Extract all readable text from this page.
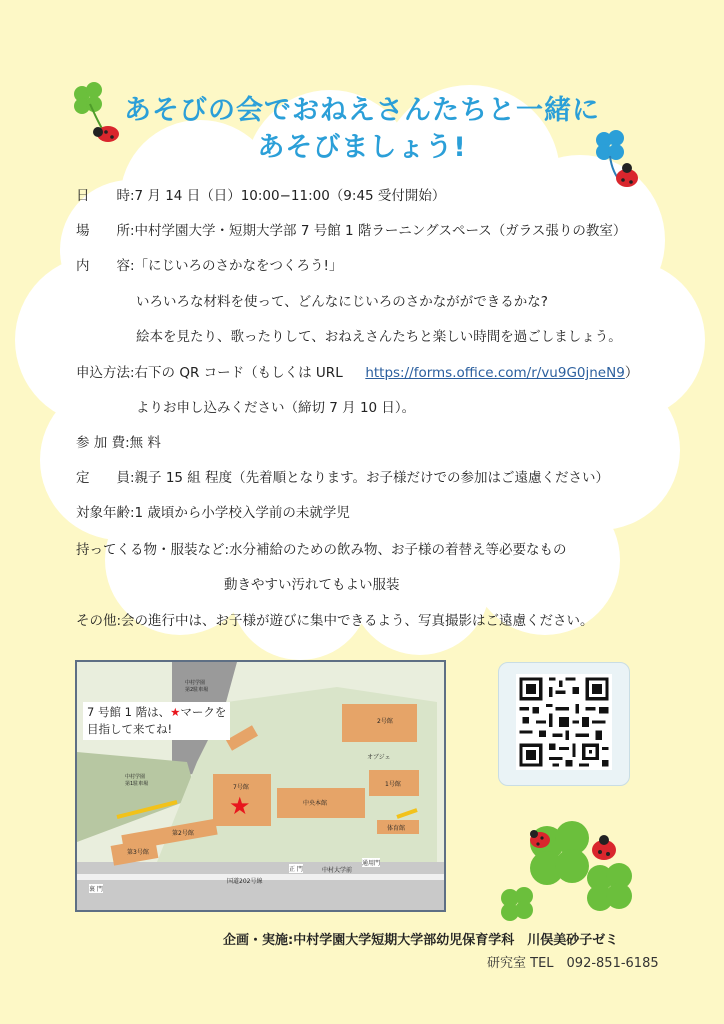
あそびの会でおねえさんたちと一緒に
あそびましょう!
日　　時:7 月 14 日（日）10:00−11:00（9:45 受付開始）
場　　所:中村学園大学・短期大学部 7 号館 1 階ラーニングスペース（ガラス張りの教室）
内　　容:「にじいろのさかなをつくろう!」
いろいろな材料を使って、どんなにじいろのさかながができるかな?
絵本を見たり、歌ったりして、おねえさんたちと楽しい時間を過ごしましょう。
申込方法:右下の QR コード（もしくは URL https://forms.office.com/r/vu9G0jneN9）
よりお申し込みください（締切 7 月 10 日）。
参 加 費:無 料
定　　員:親子 15 組 程度（先着順となります。お子様だけでの参加はご遠慮ください）
対象年齢:1 歳頃から小学校入学前の未就学児
持ってくる物・服装など:水分補給のための飲み物、お子様の着替え等必要なもの
動きやすい汚れてもよい服装
その他:会の進行中は、お子様が遊びに集中できるよう、写真撮影はご遠慮ください。
7 号館 1 階は、★マークを
目指して来てね!
★
2号館
1号館
7号館
中央本館
第2号館
第3号館
オブジェ
体育館
正 門
裏 門
通用門
国道202号線
中村大学前
中村学園
第1駐車場
中村学園
第2駐車場
企画・実施:中村学園大学短期大学部幼児保育学科　川俣美砂子ゼミ
研究室 TEL　092-851-6185
